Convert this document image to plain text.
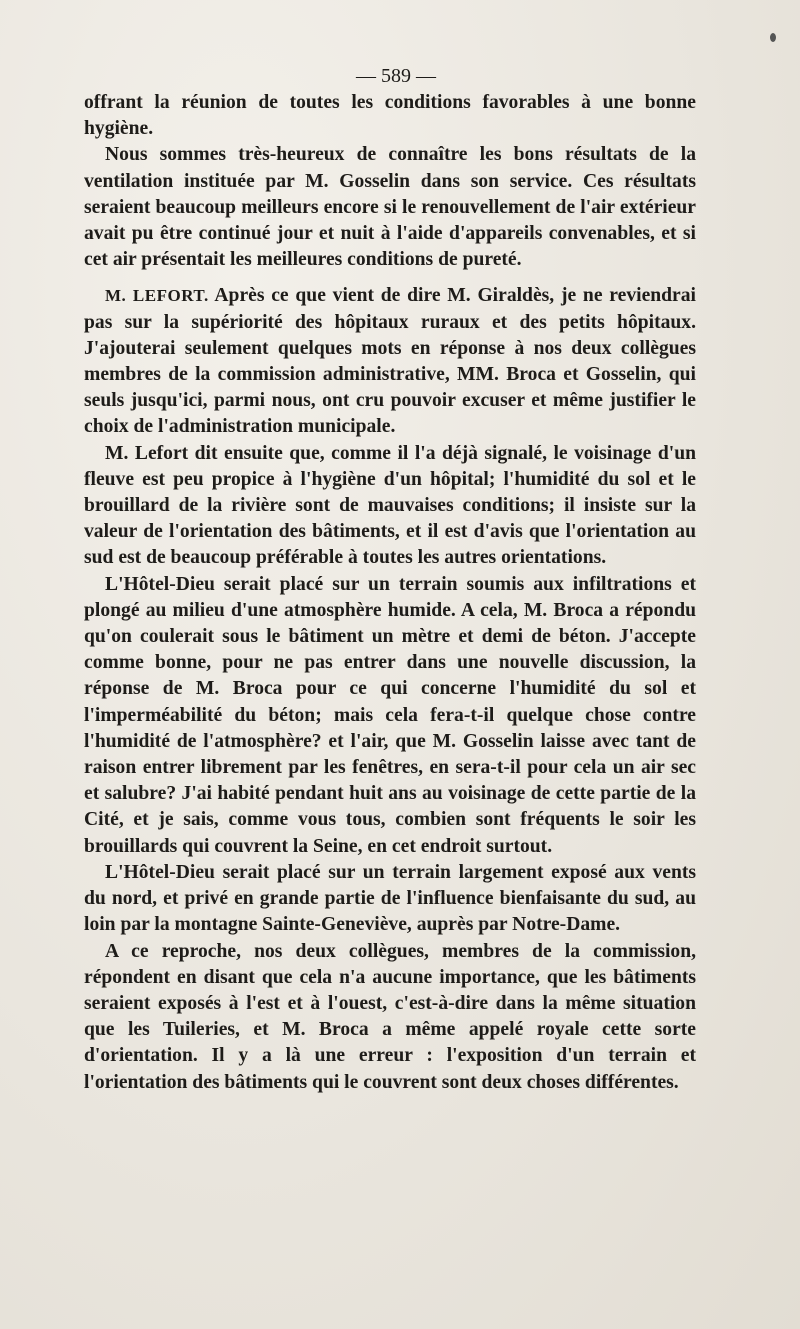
— 589 —

offrant la réunion de toutes les conditions favorables à une bonne hygiène.

Nous sommes très-heureux de connaître les bons résultats de la ventilation instituée par M. Gosselin dans son service. Ces résultats seraient beaucoup meilleurs encore si le renouvellement de l'air extérieur avait pu être continué jour et nuit à l'aide d'appareils convenables, et si cet air présentait les meilleures conditions de pureté.

M. LEFORT. Après ce que vient de dire M. Giraldès, je ne reviendrai pas sur la supériorité des hôpitaux ruraux et des petits hôpitaux. J'ajouterai seulement quelques mots en réponse à nos deux collègues membres de la commission administrative, MM. Broca et Gosselin, qui seuls jusqu'ici, parmi nous, ont cru pouvoir excuser et même justifier le choix de l'administration municipale.

M. Lefort dit ensuite que, comme il l'a déjà signalé, le voisinage d'un fleuve est peu propice à l'hygiène d'un hôpital; l'humidité du sol et le brouillard de la rivière sont de mauvaises conditions; il insiste sur la valeur de l'orientation des bâtiments, et il est d'avis que l'orientation au sud est de beaucoup préférable à toutes les autres orientations.

L'Hôtel-Dieu serait placé sur un terrain soumis aux infiltrations et plongé au milieu d'une atmosphère humide. A cela, M. Broca a répondu qu'on coulerait sous le bâtiment un mètre et demi de béton. J'accepte comme bonne, pour ne pas entrer dans une nouvelle discussion, la réponse de M. Broca pour ce qui concerne l'humidité du sol et l'imperméabilité du béton; mais cela fera-t-il quelque chose contre l'humidité de l'atmosphère? et l'air, que M. Gosselin laisse avec tant de raison entrer librement par les fenêtres, en sera-t-il pour cela un air sec et salubre? J'ai habité pendant huit ans au voisinage de cette partie de la Cité, et je sais, comme vous tous, combien sont fréquents le soir les brouillards qui couvrent la Seine, en cet endroit surtout.

L'Hôtel-Dieu serait placé sur un terrain largement exposé aux vents du nord, et privé en grande partie de l'influence bienfaisante du sud, au loin par la montagne Sainte-Geneviève, auprès par Notre-Dame.

A ce reproche, nos deux collègues, membres de la commission, répondent en disant que cela n'a aucune importance, que les bâtiments seraient exposés à l'est et à l'ouest, c'est-à-dire dans la même situation que les Tuileries, et M. Broca a même appelé royale cette sorte d'orientation. Il y a là une erreur : l'exposition d'un terrain et l'orientation des bâtiments qui le couvrent sont deux choses différentes.
